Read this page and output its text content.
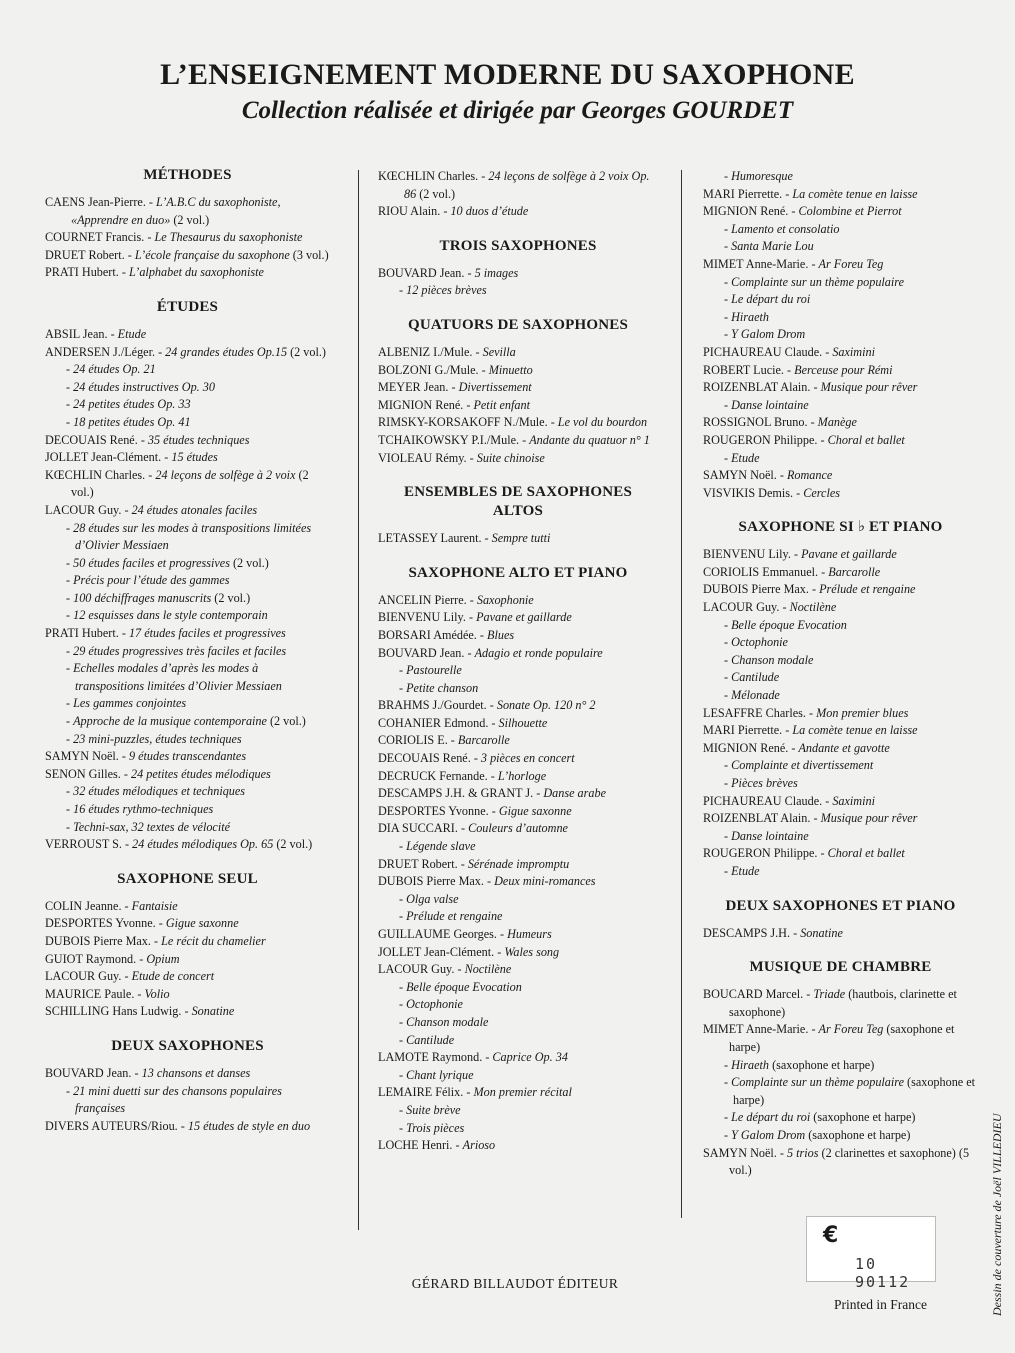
L’ENSEIGNEMENT MODERNE DU SAXOPHONE
Collection réalisée et dirigée par Georges GOURDET
MÉTHODES
CAENS Jean-Pierre. - L’A.B.C du saxophoniste, «Apprendre en duo» (2 vol.)
COURNET Francis. - Le Thesaurus du saxophoniste
DRUET Robert. - L’école française du saxophone (3 vol.)
PRATI Hubert. - L’alphabet du saxophoniste
ÉTUDES
ABSIL Jean. - Etude
ANDERSEN J./Léger. - 24 grandes études Op.15 (2 vol.)
- 24 études Op. 21
- 24 études instructives Op. 30
- 24 petites études Op. 33
- 18 petites études Op. 41
DECOUAIS René. - 35 études techniques
JOLLET Jean-Clément. - 15 études
KŒCHLIN Charles. - 24 leçons de solfège à 2 voix (2 vol.)
LACOUR Guy. - 24 études atonales faciles
- 28 études sur les modes à transpositions limitées d’Olivier Messiaen
- 50 études faciles et progressives (2 vol.)
- Précis pour l’étude des gammes
- 100 déchiffrages manuscrits (2 vol.)
- 12 esquisses dans le style contemporain
PRATI Hubert. - 17 études faciles et progressives
- 29 études progressives très faciles et faciles
- Echelles modales d’après les modes à transpositions limitées d’Olivier Messiaen
- Les gammes conjointes
- Approche de la musique contemporaine (2 vol.)
- 23 mini-puzzles, études techniques
SAMYN Noël. - 9 études transcendantes
SENON Gilles. - 24 petites études mélodiques
- 32 études mélodiques et techniques
- 16 études rythmo-techniques
- Techni-sax, 32 textes de vélocité
VERROUST S. - 24 études mélodiques Op. 65 (2 vol.)
SAXOPHONE SEUL
COLIN Jeanne. - Fantaisie
DESPORTES Yvonne. - Gigue saxonne
DUBOIS Pierre Max. - Le récit du chamelier
GUIOT Raymond. - Opium
LACOUR Guy. - Etude de concert
MAURICE Paule. - Volio
SCHILLING Hans Ludwig. - Sonatine
DEUX SAXOPHONES
BOUVARD Jean. - 13 chansons et danses
- 21 mini duetti sur des chansons populaires françaises
DIVERS AUTEURS/Riou. - 15 études de style en duo
KŒCHLIN Charles. - 24 leçons de solfège à 2 voix Op. 86 (2 vol.)
RIOU Alain. - 10 duos d’étude
TROIS SAXOPHONES
BOUVARD Jean. - 5 images
- 12 pièces brèves
QUATUORS DE SAXOPHONES
ALBENIZ I./Mule. - Sevilla
BOLZONI G./Mule. - Minuetto
MEYER Jean. - Divertissement
MIGNION René. - Petit enfant
RIMSKY-KORSAKOFF N./Mule. - Le vol du bourdon
TCHAIKOWSKY P.I./Mule. - Andante du quatuor n° 1
VIOLEAU Rémy. - Suite chinoise
ENSEMBLES DE SAXOPHONES ALTOS
LETASSEY Laurent. - Sempre tutti
SAXOPHONE ALTO ET PIANO
ANCELIN Pierre. - Saxophonie
BIENVENU Lily. - Pavane et gaillarde
BORSARI Amédée. - Blues
BOUVARD Jean. - Adagio et ronde populaire
- Pastourelle
- Petite chanson
BRAHMS J./Gourdet. - Sonate Op. 120 n° 2
COHANIER Edmond. - Silhouette
CORIOLIS E. - Barcarolle
DECOUAIS René. - 3 pièces en concert
DECRUCK Fernande. - L’horloge
DESCAMPS J.H. & GRANT J. - Danse arabe
DESPORTES Yvonne. - Gigue saxonne
DIA SUCCARI. - Couleurs d’automne
- Légende slave
DRUET Robert. - Sérénade impromptu
DUBOIS Pierre Max. - Deux mini-romances
- Olga valse
- Prélude et rengaine
GUILLAUME Georges. - Humeurs
JOLLET Jean-Clément. - Wales song
LACOUR Guy. - Noctilène
- Belle époque Evocation
- Octophonie
- Chanson modale
- Cantilude
LAMOTE Raymond. - Caprice Op. 34
- Chant lyrique
LEMAIRE Félix. - Mon premier récital
- Suite brève
- Trois pièces
LOCHE Henri. - Arioso
- Humoresque
MARI Pierrette. - La comète tenue en laisse
MIGNION René. - Colombine et Pierrot
- Lamento et consolatio
- Santa Marie Lou
MIMET Anne-Marie. - Ar Foreu Teg
- Complainte sur un thème populaire
- Le départ du roi
- Hiraeth
- Y Galom Drom
PICHAUREAU Claude. - Saximini
ROBERT Lucie. - Berceuse pour Rémi
ROIZENBLAT Alain. - Musique pour rêver
- Danse lointaine
ROSSIGNOL Bruno. - Manège
ROUGERON Philippe. - Choral et ballet
- Etude
SAMYN Noël. - Romance
VISVIKIS Demis. - Cercles
SAXOPHONE SI ♭ ET PIANO
BIENVENU Lily. - Pavane et gaillarde
CORIOLIS Emmanuel. - Barcarolle
DUBOIS Pierre Max. - Prélude et rengaine
LACOUR Guy. - Noctilène
- Belle époque Evocation
- Octophonie
- Chanson modale
- Cantilude
- Mélonade
LESAFFRE Charles. - Mon premier blues
MARI Pierrette. - La comète tenue en laisse
MIGNION René. - Andante et gavotte
- Complainte et divertissement
- Pièces brèves
PICHAUREAU Claude. - Saximini
ROIZENBLAT Alain. - Musique pour rêver
- Danse lointaine
ROUGERON Philippe. - Choral et ballet
- Etude
DEUX SAXOPHONES ET PIANO
DESCAMPS J.H. - Sonatine
MUSIQUE DE CHAMBRE
BOUCARD Marcel. - Triade (hautbois, clarinette et saxophone)
MIMET Anne-Marie. - Ar Foreu Teg (saxophone et harpe)
- Hiraeth (saxophone et harpe)
- Complainte sur un thème populaire (saxophone et harpe)
- Le départ du roi (saxophone et harpe)
- Y Galom Drom (saxophone et harpe)
SAMYN Noël. - 5 trios (2 clarinettes et saxophone) (5 vol.)
€
10 90112
GÉRARD BILLAUDOT ÉDITEUR
Printed in France	Dessin de couverture de Joël VILLEDIEU
